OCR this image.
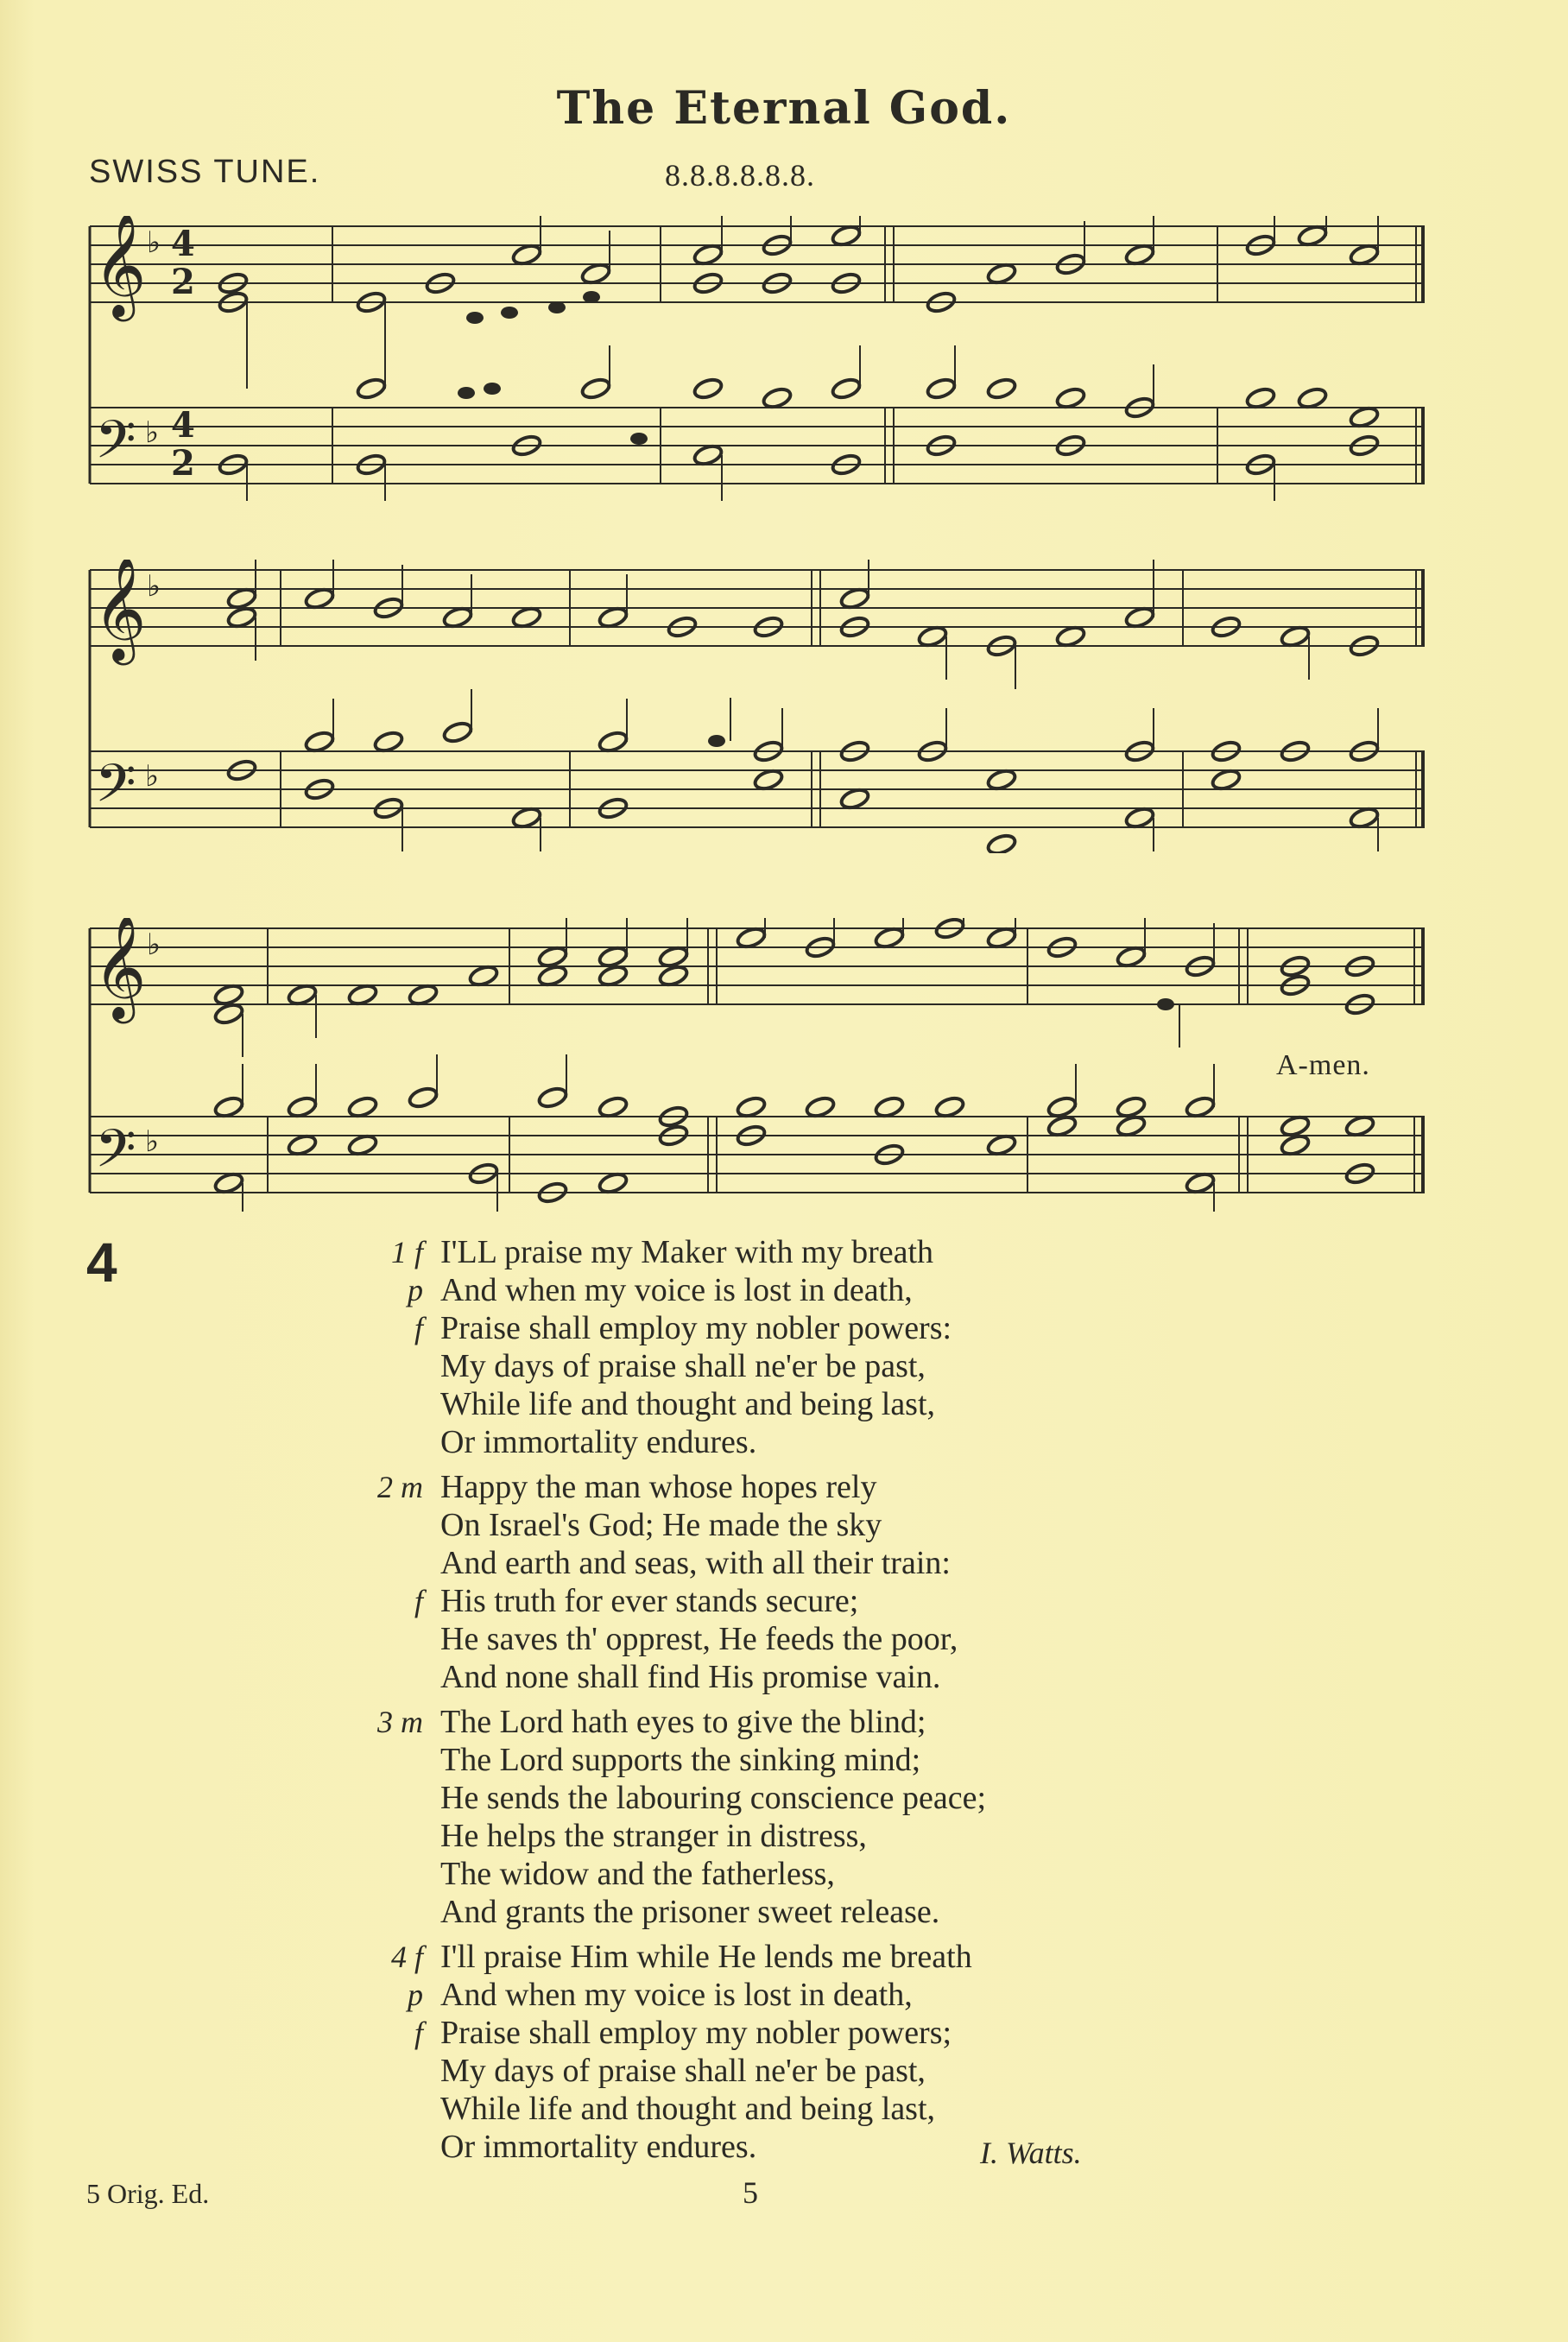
The Eternal God.
SWISS TUNE.	8.8.8.8.8.8.
𝄞
𝄢
♭
♭
4
2
4
2
𝄞
𝄢
♭
♭
𝄞
𝄢
♭
♭
A-men.
4	1 f I'LL praise my Maker with my breath
p And when my voice is lost in death,
f Praise shall employ my nobler powers:
My days of praise shall ne'er be past,
While life and thought and being last,
Or immortality endures.
2 m Happy the man whose hopes rely
On Israel's God; He made the sky
And earth and seas, with all their train:
f His truth for ever stands secure;
He saves th' opprest, He feeds the poor,
And none shall find His promise vain.
3 m The Lord hath eyes to give the blind;
The Lord supports the sinking mind;
He sends the labouring conscience peace;
He helps the stranger in distress,
The widow and the fatherless,
And grants the prisoner sweet release.
4 f I'll praise Him while He lends me breath
p And when my voice is lost in death,
f Praise shall employ my nobler powers;
My days of praise shall ne'er be past,
While life and thought and being last,
Or immortality endures.	I. Watts.
5 Orig. Ed.	5
